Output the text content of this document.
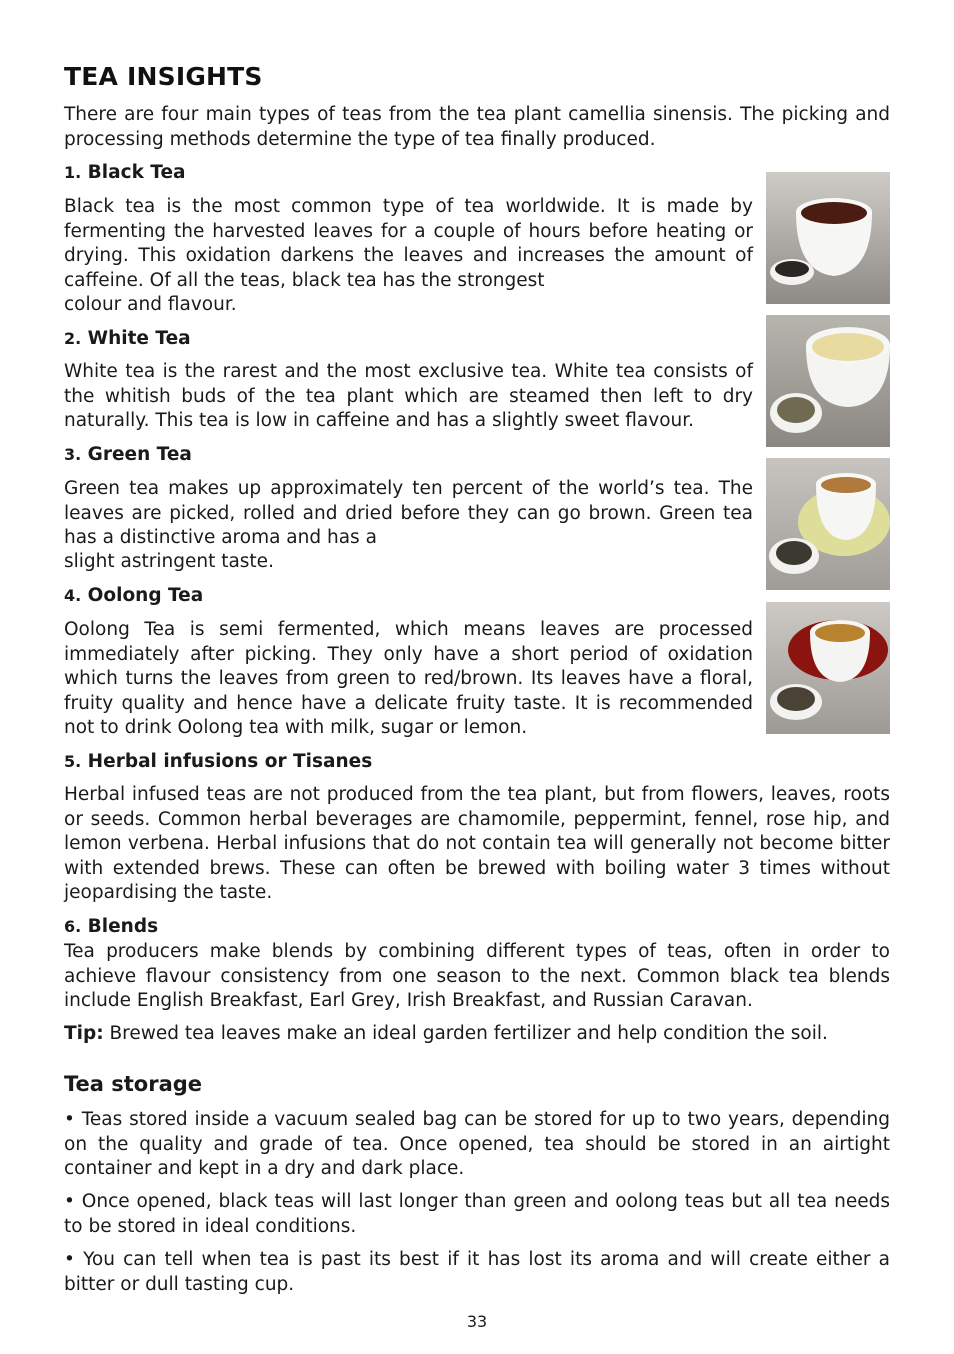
TEA INSIGHTS

There are four main types of teas from the tea plant camellia sinensis. The picking and processing methods determine the type of tea finally produced.

1. Black Tea

Black tea is the most common type of tea worldwide. It is made by fermenting the harvested leaves for a couple of hours before heating or drying. This oxidation darkens the leaves and increases the amount of caffeine. Of all the teas, black tea has the strongest

colour and flavour.

2. White Tea

White tea is the rarest and the most exclusive tea. White tea consists of the whitish buds of the tea plant which are steamed then left to dry naturally. This tea is low in caffeine and has a slightly sweet flavour.

3. Green Tea

Green tea makes up approximately ten percent of the world’s tea. The leaves are picked, rolled and dried before they can go brown. Green tea has a distinctive aroma and has a

slight astringent taste.

4. Oolong Tea

Oolong Tea is semi fermented, which means leaves are processed immediately after picking. They only have a short period of oxidation which turns the leaves from green to red/brown. Its leaves have a floral, fruity quality and hence have a delicate fruity taste. It is recommended not to drink Oolong tea with milk, sugar or lemon.

5. Herbal infusions or Tisanes

Herbal infused teas are not produced from the tea plant, but from flowers, leaves, roots or seeds. Common herbal beverages are chamomile, peppermint, fennel, rose hip, and lemon verbena. Herbal infusions that do not contain tea will generally not become bitter with extended brews. These can often be brewed with boiling water 3 times without jeopardising the taste.

6. Blends

Tea producers make blends by combining different types of teas, often in order to achieve flavour consistency from one season to the next. Common black tea blends include English Breakfast, Earl Grey, Irish Breakfast, and Russian Caravan.

Tip: Brewed tea leaves make an ideal garden fertilizer and help condition the soil.

Tea storage

• Teas stored inside a vacuum sealed bag can be stored for up to two years, depending on the quality and grade of tea. Once opened, tea should be stored in an airtight container and kept in a dry and dark place.

• Once opened, black teas will last longer than green and oolong teas but all tea needs to be stored in ideal conditions.

• You can tell when tea is past its best if it has lost its aroma and will create either a bitter or dull tasting cup.

33
